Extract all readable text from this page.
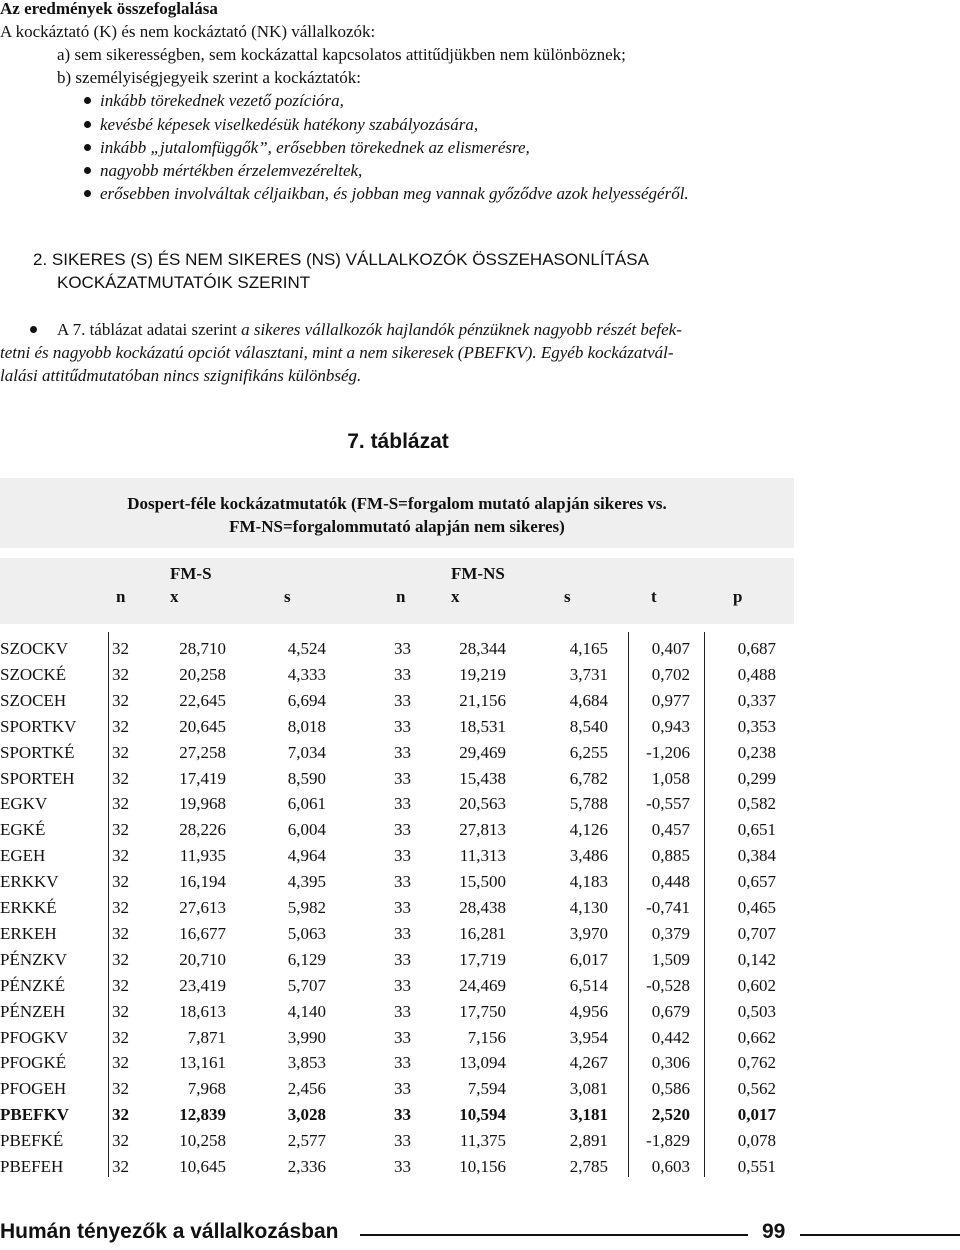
Az eredmények összefoglalása
A kockáztató (K) és nem kockáztató (NK) vállalkozók:
a) sem sikerességben, sem kockázattal kapcsolatos attitűdjükben nem különböznek;
b) személyiségjegyeik szerint a kockáztatók:
inkább törekednek vezető pozícióra,
kevésbé képesek viselkedésük hatékony szabályozására,
inkább „jutalomfüggők”, erősebben törekednek az elismerésre,
nagyobb mértékben érzelemvezéreltek,
erősebben involváltak céljaikban, és jobban meg vannak győződve azok helyességéről.
2. SIKERES (S) ÉS NEM SIKERES (NS) VÁLLALKOZÓK ÖSSZEHASONLÍTÁSA
KOCKÁZATMUTATÓIK SZERINT
A 7. táblázat adatai szerint a sikeres vállalkozók hajlandók pénzüknek nagyobb részét befek-
tetni és nagyobb kockázatú opciót választani, mint a nem sikeresek (PBEFKV). Egyéb kockázatvál-
lalási attitűdmutatóban nincs szignifikáns különbség.
7. táblázat
Dospert-féle kockázatmutatók (FM-S=forgalom mutató alapján sikeres vs.
FM-NS=forgalommutató alapján nem sikeres)
FM-S	FM-NS
n	x	s	n	x	s	t	p
SZOCKV	32	28,710	4,524	33	28,344	4,165	0,407	0,687
SZOCKÉ	32	20,258	4,333	33	19,219	3,731	0,702	0,488
SZOCEH	32	22,645	6,694	33	21,156	4,684	0,977	0,337
SPORTKV	32	20,645	8,018	33	18,531	8,540	0,943	0,353
SPORTKÉ	32	27,258	7,034	33	29,469	6,255	-1,206	0,238
SPORTEH	32	17,419	8,590	33	15,438	6,782	1,058	0,299
EGKV	32	19,968	6,061	33	20,563	5,788	-0,557	0,582
EGKÉ	32	28,226	6,004	33	27,813	4,126	0,457	0,651
EGEH	32	11,935	4,964	33	11,313	3,486	0,885	0,384
ERKKV	32	16,194	4,395	33	15,500	4,183	0,448	0,657
ERKKÉ	32	27,613	5,982	33	28,438	4,130	-0,741	0,465
ERKEH	32	16,677	5,063	33	16,281	3,970	0,379	0,707
PÉNZKV	32	20,710	6,129	33	17,719	6,017	1,509	0,142
PÉNZKÉ	32	23,419	5,707	33	24,469	6,514	-0,528	0,602
PÉNZEH	32	18,613	4,140	33	17,750	4,956	0,679	0,503
PFOGKV	32	7,871	3,990	33	7,156	3,954	0,442	0,662
PFOGKÉ	32	13,161	3,853	33	13,094	4,267	0,306	0,762
PFOGEH	32	7,968	2,456	33	7,594	3,081	0,586	0,562
PBEFKV	32	12,839	3,028	33	10,594	3,181	2,520	0,017
PBEFKÉ	32	10,258	2,577	33	11,375	2,891	-1,829	0,078
PBEFEH	32	10,645	2,336	33	10,156	2,785	0,603	0,551
Humán tényezők a vállalkozásban	99
